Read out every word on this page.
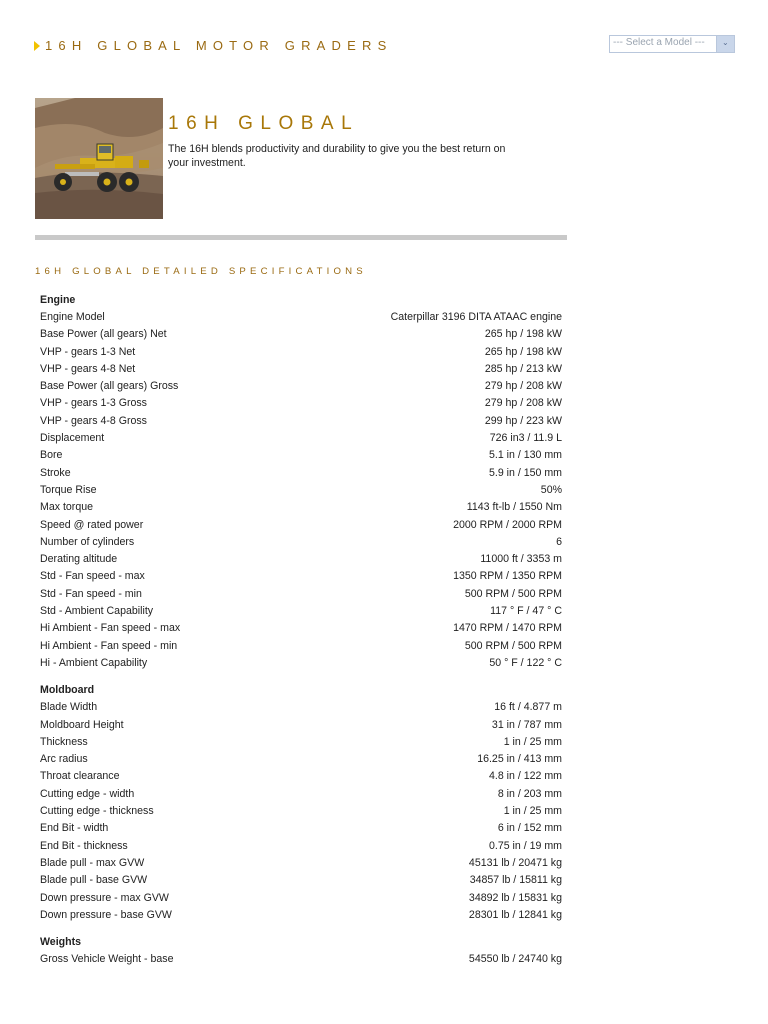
16H GLOBAL MOTOR GRADERS	--- Select a Model --- ⌄
16H GLOBAL
The 16H blends productivity and durability to give you the best return on your investment.
16H GLOBAL DETAILED SPECIFICATIONS
Engine
Engine Model	Caterpillar 3196 DITA ATAAC engine
Base Power (all gears) Net	265 hp / 198 kW
VHP - gears 1-3 Net	265 hp / 198 kW
VHP - gears 4-8 Net	285 hp / 213 kW
Base Power (all gears) Gross	279 hp / 208 kW
VHP - gears 1-3 Gross	279 hp / 208 kW
VHP - gears 4-8 Gross	299 hp / 223 kW
Displacement	726 in3 / 11.9 L
Bore	5.1 in / 130 mm
Stroke	5.9 in / 150 mm
Torque Rise	50%
Max torque	1143 ft-lb / 1550 Nm
Speed @ rated power	2000 RPM / 2000 RPM
Number of cylinders	6
Derating altitude	11000 ft / 3353 m
Std - Fan speed - max	1350 RPM / 1350 RPM
Std - Fan speed - min	500 RPM / 500 RPM
Std - Ambient Capability	117 ° F / 47 ° C
Hi Ambient - Fan speed - max	1470 RPM / 1470 RPM
Hi Ambient - Fan speed - min	500 RPM / 500 RPM
Hi - Ambient Capability	50 ° F / 122 ° C
Moldboard
Blade Width	16 ft / 4.877 m
Moldboard Height	31 in / 787 mm
Thickness	1 in / 25 mm
Arc radius	16.25 in / 413 mm
Throat clearance	4.8 in / 122 mm
Cutting edge - width	8 in / 203 mm
Cutting edge - thickness	1 in / 25 mm
End Bit - width	6 in / 152 mm
End Bit - thickness	0.75 in / 19 mm
Blade pull - max GVW	45131 lb / 20471 kg
Blade pull - base GVW	34857 lb / 15811 kg
Down pressure - max GVW	34892 lb / 15831 kg
Down pressure - base GVW	28301 lb / 12841 kg
Weights
Gross Vehicle Weight - base	54550 lb / 24740 kg
